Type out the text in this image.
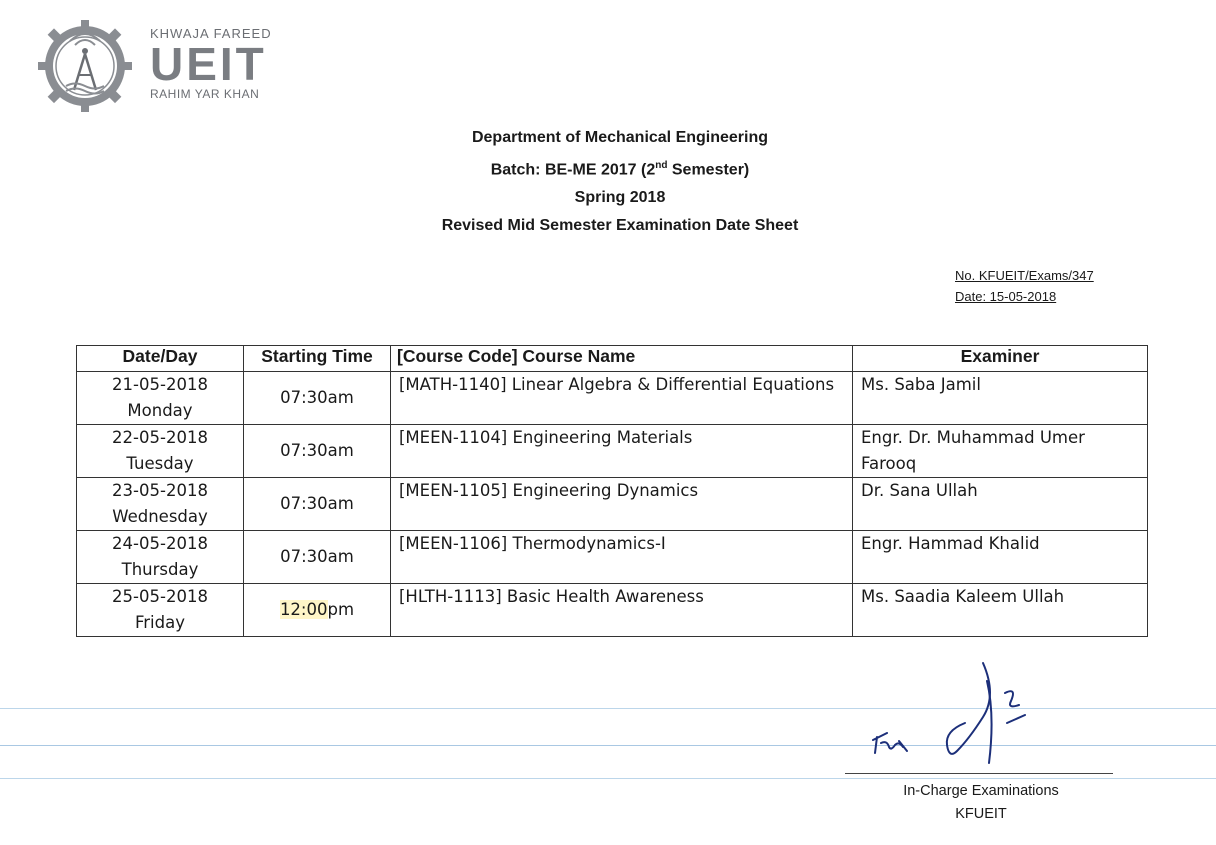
KHWAJA FAREED
UEIT
RAHIM YAR KHAN
Department of Mechanical Engineering
Batch: BE-ME 2017 (2nd Semester)
Spring 2018
Revised Mid Semester Examination Date Sheet
No. KFUEIT/Exams/347
Date: 15-05-2018
Date/Day	Starting Time	[Course Code] Course Name	Examiner

21-05-2018
Monday	07:30am	[MATH-1140] Linear Algebra & Differential Equations	Ms. Saba Jamil

22-05-2018
Tuesday	07:30am	[MEEN-1104] Engineering Materials	Engr. Dr. Muhammad Umer Farooq

23-05-2018
Wednesday	07:30am	[MEEN-1105] Engineering Dynamics	Dr. Sana Ullah

24-05-2018
Thursday	07:30am	[MEEN-1106] Thermodynamics-I	Engr. Hammad Khalid

25-05-2018
Friday	12:00pm	[HLTH-1113] Basic Health Awareness	Ms. Saadia Kaleem Ullah
In-Charge Examinations
KFUEIT
